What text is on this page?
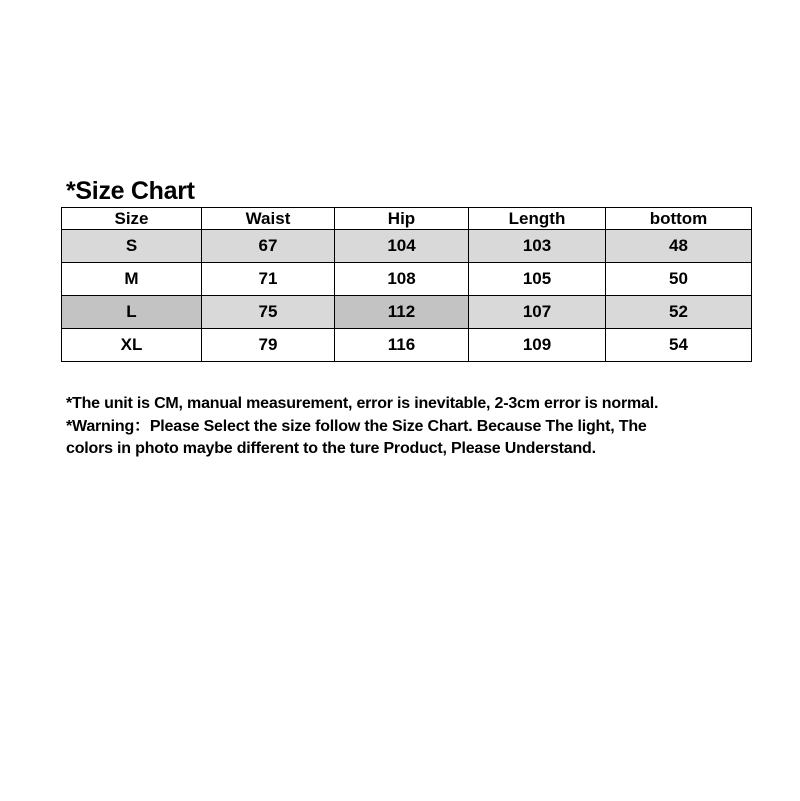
*Size Chart
Size	Waist	Hip	Length	bottom
S	67	104	103	48
M	71	108	105	50
L	75	112	107	52
XL	79	116	109	54

*The unit is CM, manual measurement, error is inevitable, 2-3cm error is normal.

*Warning：Please Select the size follow the Size Chart. Because The light, The

colors in photo maybe different to the ture Product, Please Understand.
